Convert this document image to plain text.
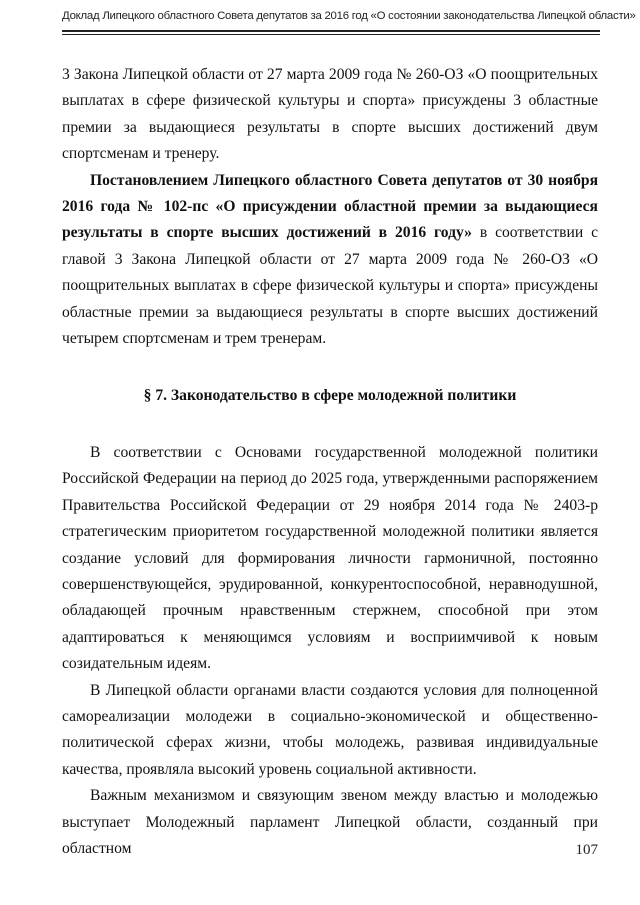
Доклад Липецкого областного Совета депутатов за 2016 год «О состоянии законодательства Липецкой области»

3 Закона Липецкой области от 27 марта 2009 года № 260-ОЗ «О поощрительных выплатах в сфере физической культуры и спорта» присуждены 3 областные премии за выдающиеся результаты в спорте высших достижений двум спортсменам и тренеру.

Постановлением Липецкого областного Совета депутатов от 30 ноября 2016 года № 102-пс «О присуждении областной премии за выдающиеся результаты в спорте высших достижений в 2016 году» в соответствии с главой 3 Закона Липецкой области от 27 марта 2009 года № 260-ОЗ «О поощрительных выплатах в сфере физической культуры и спорта» присуждены областные премии за выдающиеся результаты в спорте высших достижений четырем спортсменам и трем тренерам.

§ 7. Законодательство в сфере молодежной политики

В соответствии с Основами государственной молодежной политики Российской Федерации на период до 2025 года, утвержденными распоряжением Правительства Российской Федерации от 29 ноября 2014 года № 2403-р стратегическим приоритетом государственной молодежной политики является создание условий для формирования личности гармоничной, постоянно совершенствующейся, эрудированной, конкурентоспособной, неравнодушной, обладающей прочным нравственным стержнем, способной при этом адаптироваться к меняющимся условиям и восприимчивой к новым созидательным идеям.

В Липецкой области органами власти создаются условия для полноценной самореализации молодежи в социально-экономической и общественно-политической сферах жизни, чтобы молодежь, развивая индивидуальные качества, проявляла высокий уровень социальной активности.

Важным механизмом и связующим звеном между властью и молодежью выступает Молодежный парламент Липецкой области, созданный при областном	107
